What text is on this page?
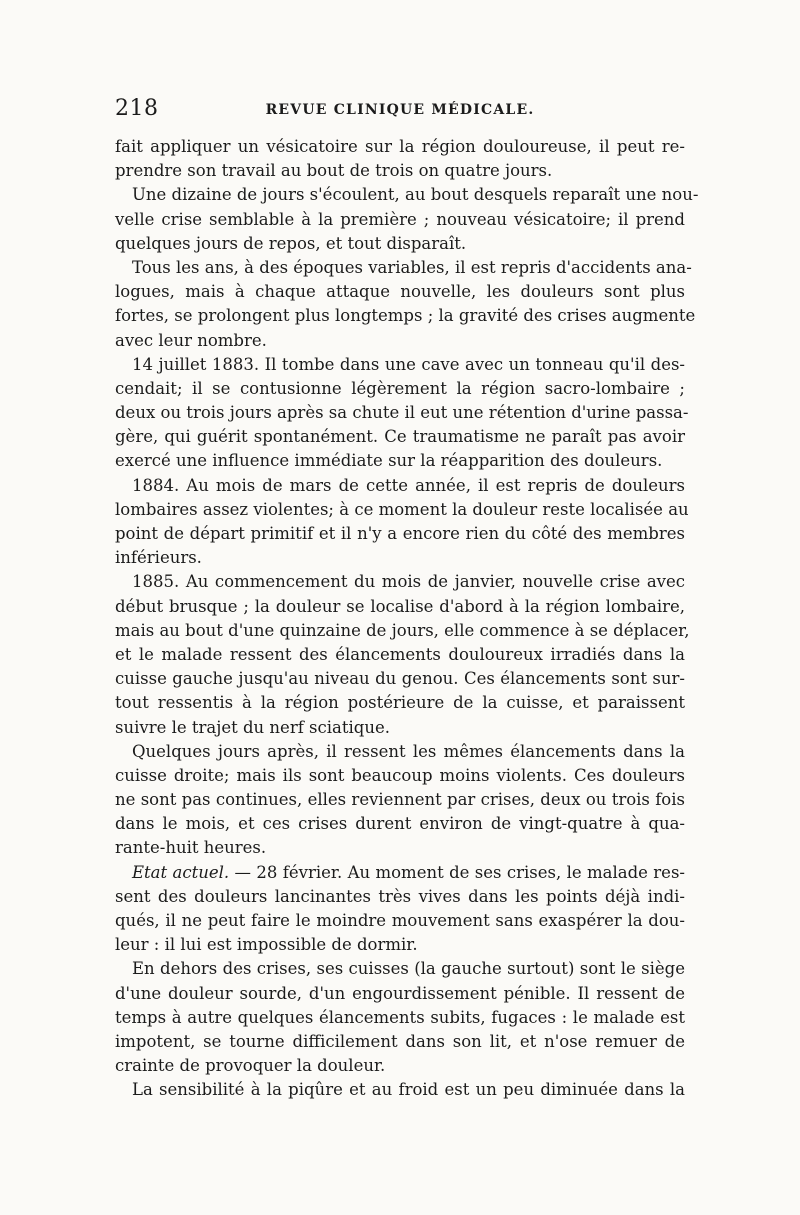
218	REVUE CLINIQUE MÉDICALE.
fait appliquer un vésicatoire sur la région douloureuse, il peut re-
prendre son travail au bout de trois on quatre jours.
Une dizaine de jours s'écoulent, au bout desquels reparaît une nou-
velle crise semblable à la première ; nouveau vésicatoire; il prend
quelques jours de repos, et tout disparaît.
Tous les ans, à des époques variables, il est repris d'accidents ana-
logues, mais à chaque attaque nouvelle, les douleurs sont plus
fortes, se prolongent plus longtemps ; la gravité des crises augmente
avec leur nombre.
14 juillet 1883. Il tombe dans une cave avec un tonneau qu'il des-
cendait; il se contusionne légèrement la région sacro-lombaire ;
deux ou trois jours après sa chute il eut une rétention d'urine passa-
gère, qui guérit spontanément. Ce traumatisme ne paraît pas avoir
exercé une influence immédiate sur la réapparition des douleurs.
1884. Au mois de mars de cette année, il est repris de douleurs
lombaires assez violentes; à ce moment la douleur reste localisée au
point de départ primitif et il n'y a encore rien du côté des membres
inférieurs.
1885. Au commencement du mois de janvier, nouvelle crise avec
début brusque ; la douleur se localise d'abord à la région lombaire,
mais au bout d'une quinzaine de jours, elle commence à se déplacer,
et le malade ressent des élancements douloureux irradiés dans la
cuisse gauche jusqu'au niveau du genou. Ces élancements sont sur-
tout ressentis à la région postérieure de la cuisse, et paraissent
suivre le trajet du nerf sciatique.
Quelques jours après, il ressent les mêmes élancements dans la
cuisse droite; mais ils sont beaucoup moins violents. Ces douleurs
ne sont pas continues, elles reviennent par crises, deux ou trois fois
dans le mois, et ces crises durent environ de vingt-quatre à qua-
rante-huit heures.
Etat actuel. — 28 février. Au moment de ses crises, le malade res-
sent des douleurs lancinantes très vives dans les points déjà indi-
qués, il ne peut faire le moindre mouvement sans exaspérer la dou-
leur : il lui est impossible de dormir.
En dehors des crises, ses cuisses (la gauche surtout) sont le siège
d'une douleur sourde, d'un engourdissement pénible. Il ressent de
temps à autre quelques élancements subits, fugaces : le malade est
impotent, se tourne difficilement dans son lit, et n'ose remuer de
crainte de provoquer la douleur.
La sensibilité à la piqûre et au froid est un peu diminuée dans la
